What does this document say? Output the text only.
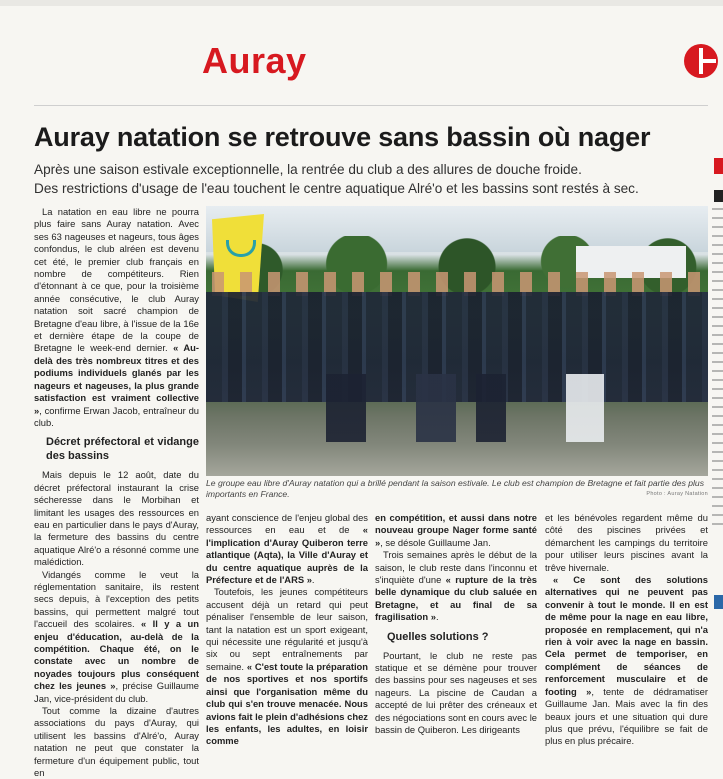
Auray
Auray natation se retrouve sans bassin où nager

Après une saison estivale exceptionnelle, la rentrée du club a des allures de douche froide.

Des restrictions d'usage de l'eau touchent le centre aquatique Alré'o et les bassins sont restés à sec.

La natation en eau libre ne pourra plus faire sans Auray natation. Avec ses 63 nageuses et nageurs, tous âges confondus, le club alréen est devenu cet été, le premier club français en nombre de compétiteurs. Rien d'étonnant à ce que, pour la troisième année consécutive, le club Auray natation soit sacré champion de Bretagne d'eau libre, à l'issue de la 16e et dernière étape de la coupe de Bretagne le week-end dernier. « Au-delà des très nombreux titres et des podiums individuels glanés par les nageurs et nageuses, la plus grande satisfaction est vraiment collective », confirme Erwan Jacob, entraîneur du club.

Décret préfectoral et vidange des bassins

Mais depuis le 12 août, date du décret préfectoral instaurant la crise sécheresse dans le Morbihan et limitant les usages des ressources en eau en particulier dans le pays d'Auray, la fermeture des bassins du centre aquatique Alré'o a résonné comme une malédiction.

Vidangés comme le veut la réglementation sanitaire, ils restent secs depuis, à l'exception des petits bassins, qui permettent malgré tout l'accueil des scolaires. « Il y a un enjeu d'éducation, au-delà de la compétition. Chaque été, on le constate avec un nombre de noyades toujours plus conséquent chez les jeunes », précise Guillaume Jan, vice-président du club.

Tout comme la dizaine d'autres associations du pays d'Auray, qui utilisent les bassins d'Alré'o, Auray natation ne peut que constater la fermeture d'un équipement public, tout en

Le groupe eau libre d'Auray natation qui a brillé pendant la saison estivale. Le club est champion de Bretagne et fait partie des plus importants en France.	Photo : Auray Natation

ayant conscience de l'enjeu global des ressources en eau et de « l'implication d'Auray Quiberon terre atlantique (Aqta), la Ville d'Auray et du centre aquatique auprès de la Préfecture et de l'ARS ».

Toutefois, les jeunes compétiteurs accusent déjà un retard qui peut pénaliser l'ensemble de leur saison, tant la natation est un sport exigeant, qui nécessite une régularité et jusqu'à six ou sept entraînements par semaine. « C'est toute la préparation de nos sportives et nos sportifs ainsi que l'organisation même du club qui s'en trouve menacée. Nous avions fait le plein d'adhésions chez les enfants, les adultes, en loisir comme

en compétition, et aussi dans notre nouveau groupe Nager forme santé », se désole Guillaume Jan.

Trois semaines après le début de la saison, le club reste dans l'inconnu et s'inquiète d'une « rupture de la très belle dynamique du club saluée en Bretagne, et au final de sa fragilisation ».

Quelles solutions ?

Pourtant, le club ne reste pas statique et se démène pour trouver des bassins pour ses nageuses et ses nageurs. La piscine de Caudan a accepté de lui prêter des créneaux et des négociations sont en cours avec le bassin de Quiberon. Les dirigeants

et les bénévoles regardent même du côté des piscines privées et démarchent les campings du territoire pour utiliser leurs piscines avant la trêve hivernale.

« Ce sont des solutions alternatives qui ne peuvent pas convenir à tout le monde. Il en est de même pour la nage en eau libre, proposée en remplacement, qui n'a rien à voir avec la nage en bassin. Cela permet de temporiser, en complément de séances de renforcement musculaire et de footing », tente de dédramatiser Guillaume Jan. Mais avec la fin des beaux jours et une situation qui dure plus que prévu, l'équilibre se fait de plus en plus précaire.
